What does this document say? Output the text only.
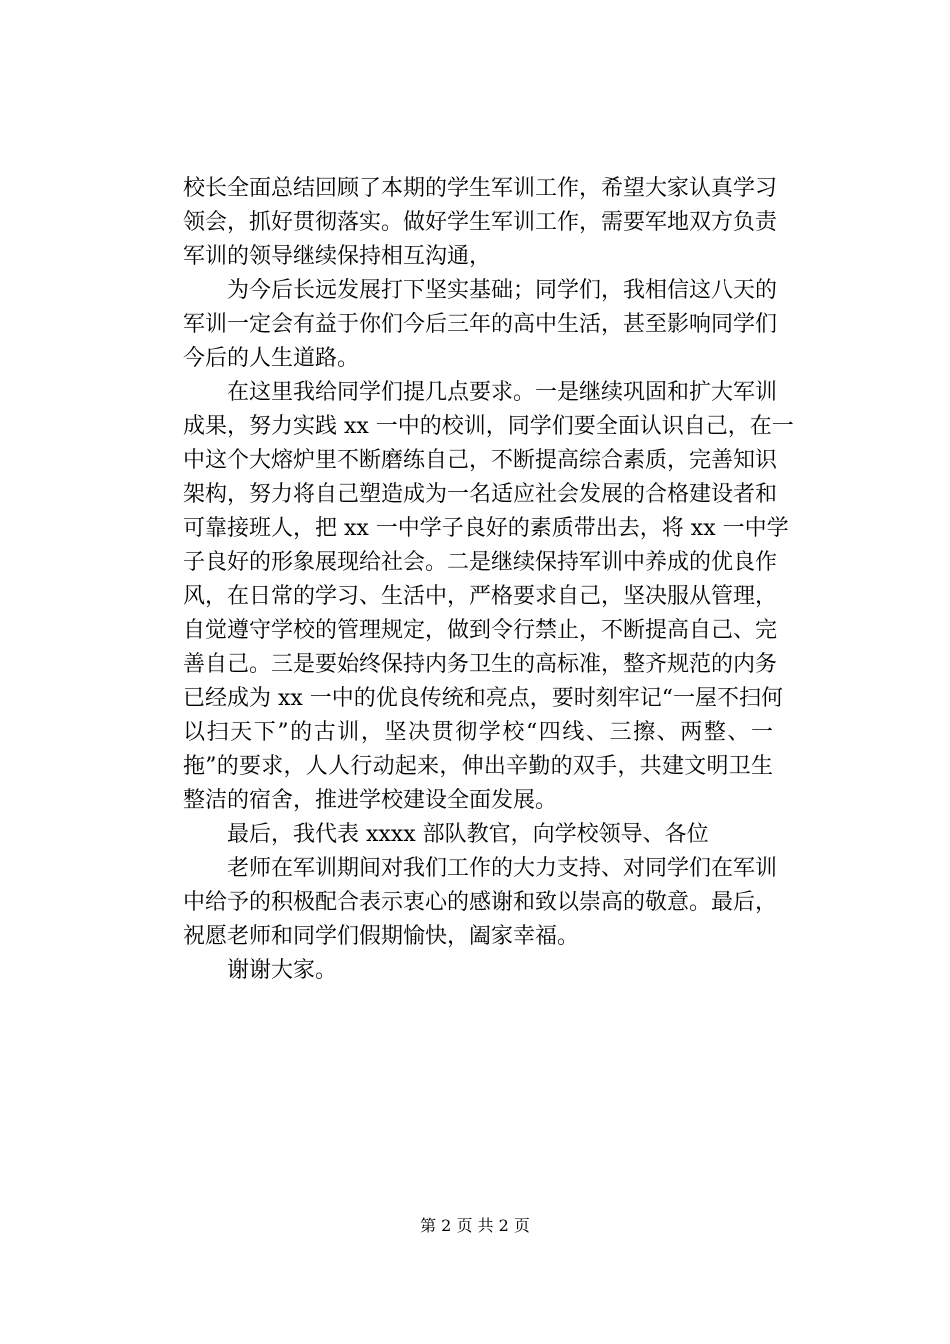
校长全面总结回顾了本期的学生军训工作，希望大家认真学习
领会，抓好贯彻落实。做好学生军训工作，需要军地双方负责
军训的领导继续保持相互沟通，
为今后长远发展打下坚实基础；同学们，我相信这八天的
军训一定会有益于你们今后三年的高中生活，甚至影响同学们
今后的人生道路。
在这里我给同学们提几点要求。一是继续巩固和扩大军训
成果，努力实践 xx 一中的校训，同学们要全面认识自己，在一
中这个大熔炉里不断磨练自己，不断提高综合素质，完善知识
架构，努力将自己塑造成为一名适应社会发展的合格建设者和
可靠接班人，把 xx 一中学子良好的素质带出去，将 xx 一中学
子良好的形象展现给社会。二是继续保持军训中养成的优良作
风，在日常的学习、生活中，严格要求自己，坚决服从管理，
自觉遵守学校的管理规定，做到令行禁止，不断提高自己、完
善自己。三是要始终保持内务卫生的高标准，整齐规范的内务
已经成为 xx 一中的优良传统和亮点，要时刻牢记“一屋不扫何
以扫天下”的古训，坚决贯彻学校“四线、三擦、两整、一
拖”的要求，人人行动起来，伸出辛勤的双手，共建文明卫生
整洁的宿舍，推进学校建设全面发展。
最后，我代表 xxxx 部队教官，向学校领导、各位
老师在军训期间对我们工作的大力支持、对同学们在军训
中给予的积极配合表示衷心的感谢和致以崇高的敬意。最后，
祝愿老师和同学们假期愉快，阖家幸福。
谢谢大家。
第 2 页 共 2 页
